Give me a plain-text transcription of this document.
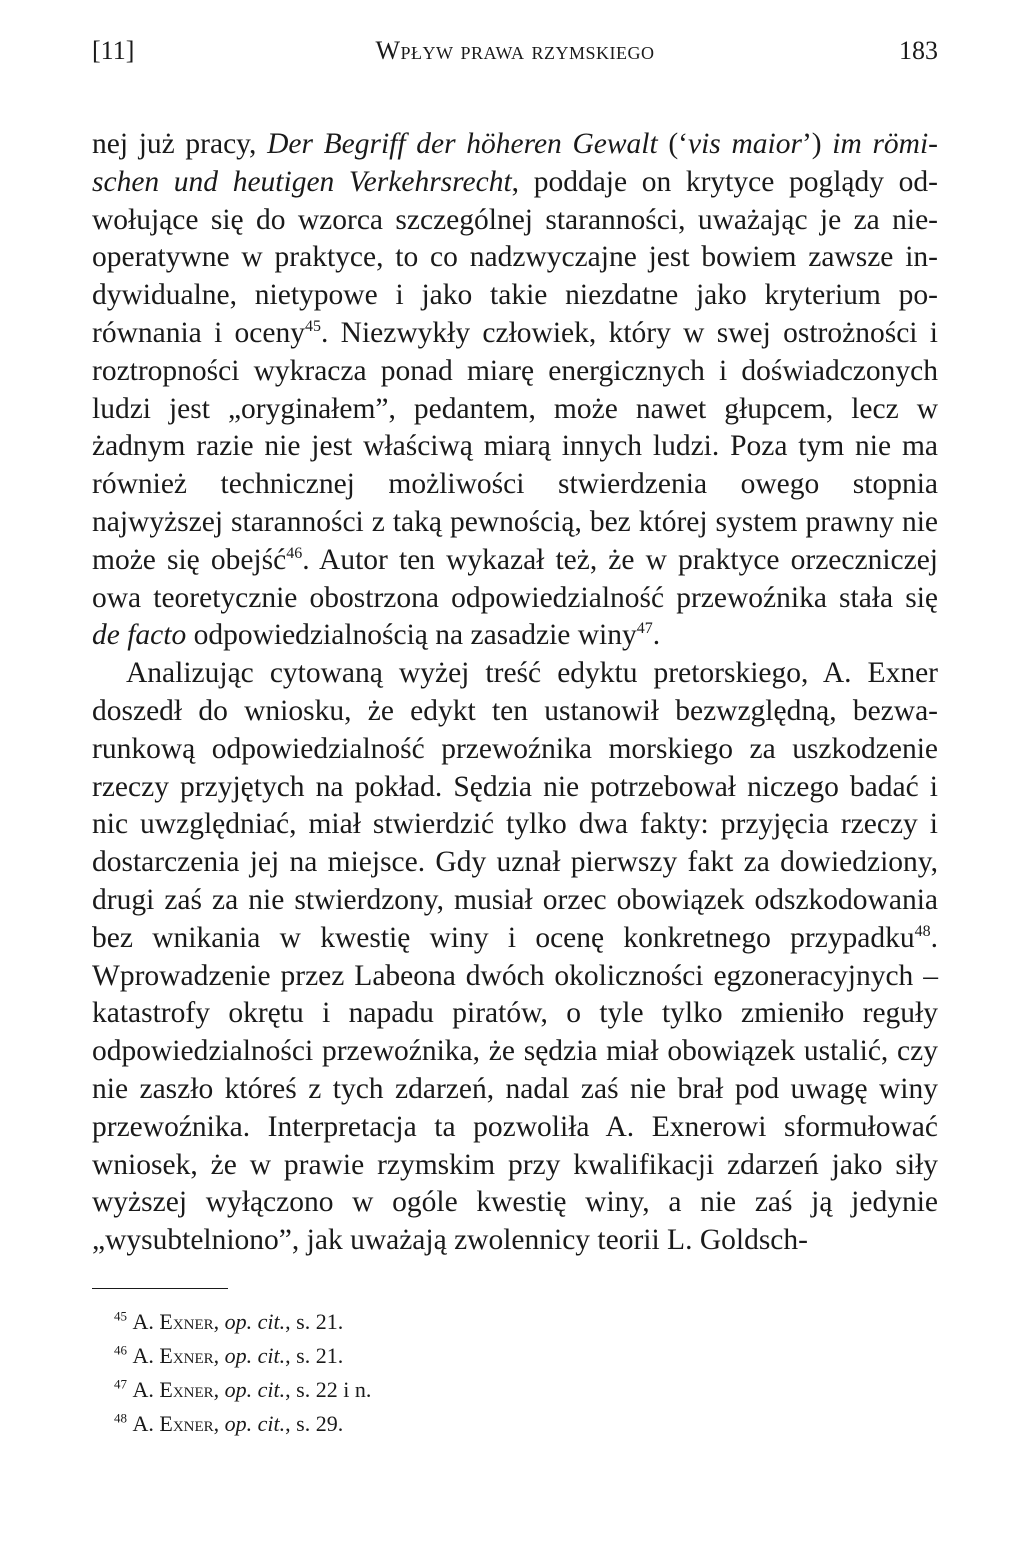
[11]	Wpływ prawa rzymskiego	183

nej już pracy, Der Begriff der höheren Gewalt (‘vis maior’) im römischen und heutigen Verkehrsrecht, poddaje on krytyce poglądy odwołujące się do wzorca szczególnej staranności, uważając je za nieoperatywne w praktyce, to co nadzwyczajne jest bowiem zawsze indywidualne, nietypowe i jako takie niezdatne jako kryterium porównania i oceny$^{45}$. Niezwykły człowiek, który w swej ostrożności i roztropności wykracza ponad miarę energicznych i doświadczonych ludzi jest „oryginałem”, pedantem, może nawet głupcem, lecz w żadnym razie nie jest właściwą miarą innych ludzi. Poza tym nie ma również technicznej możliwości stwierdzenia owego stopnia najwyższej staranności z taką pewnością, bez której system prawny nie może się obejść$^{46}$. Autor ten wykazał też, że w praktyce orzeczniczej owa teoretycznie obostrzona odpowiedzialność przewoźnika stała się de facto odpowiedzialnością na zasadzie winy$^{47}$.

Analizując cytowaną wyżej treść edyktu pretorskiego, A. Exner doszedł do wniosku, że edykt ten ustanowił bezwzględną, bezwarunkową odpowiedzialność przewoźnika morskiego za uszkodzenie rzeczy przyjętych na pokład. Sędzia nie potrzebował niczego badać i nic uwzględniać, miał stwierdzić tylko dwa fakty: przyjęcia rzeczy i dostarczenia jej na miejsce. Gdy uznał pierwszy fakt za dowiedziony, drugi zaś za nie stwierdzony, musiał orzec obowiązek odszkodowania bez wnikania w kwestię winy i ocenę konkretnego przypadku$^{48}$. Wprowadzenie przez Labeona dwóch okoliczności egzoneracyjnych – katastrofy okrętu i napadu piratów, o tyle tylko zmieniło reguły odpowiedzialności przewoźnika, że sędzia miał obowiązek ustalić, czy nie zaszło któreś z tych zdarzeń, nadal zaś nie brał pod uwagę winy przewoźnika. Interpretacja ta pozwoliła A. Exnerowi sformułować wniosek, że w prawie rzymskim przy kwalifikacji zdarzeń jako siły wyższej wyłączono w ogóle kwestię winy, a nie zaś ją jedynie „wysubtelniono”, jak uważają zwolennicy teorii L. Goldsch-

$^{45}$ A. Exner, op. cit., s. 21.
$^{46}$ A. Exner, op. cit., s. 21.
$^{47}$ A. Exner, op. cit., s. 22 i n.
$^{48}$ A. Exner, op. cit., s. 29.
